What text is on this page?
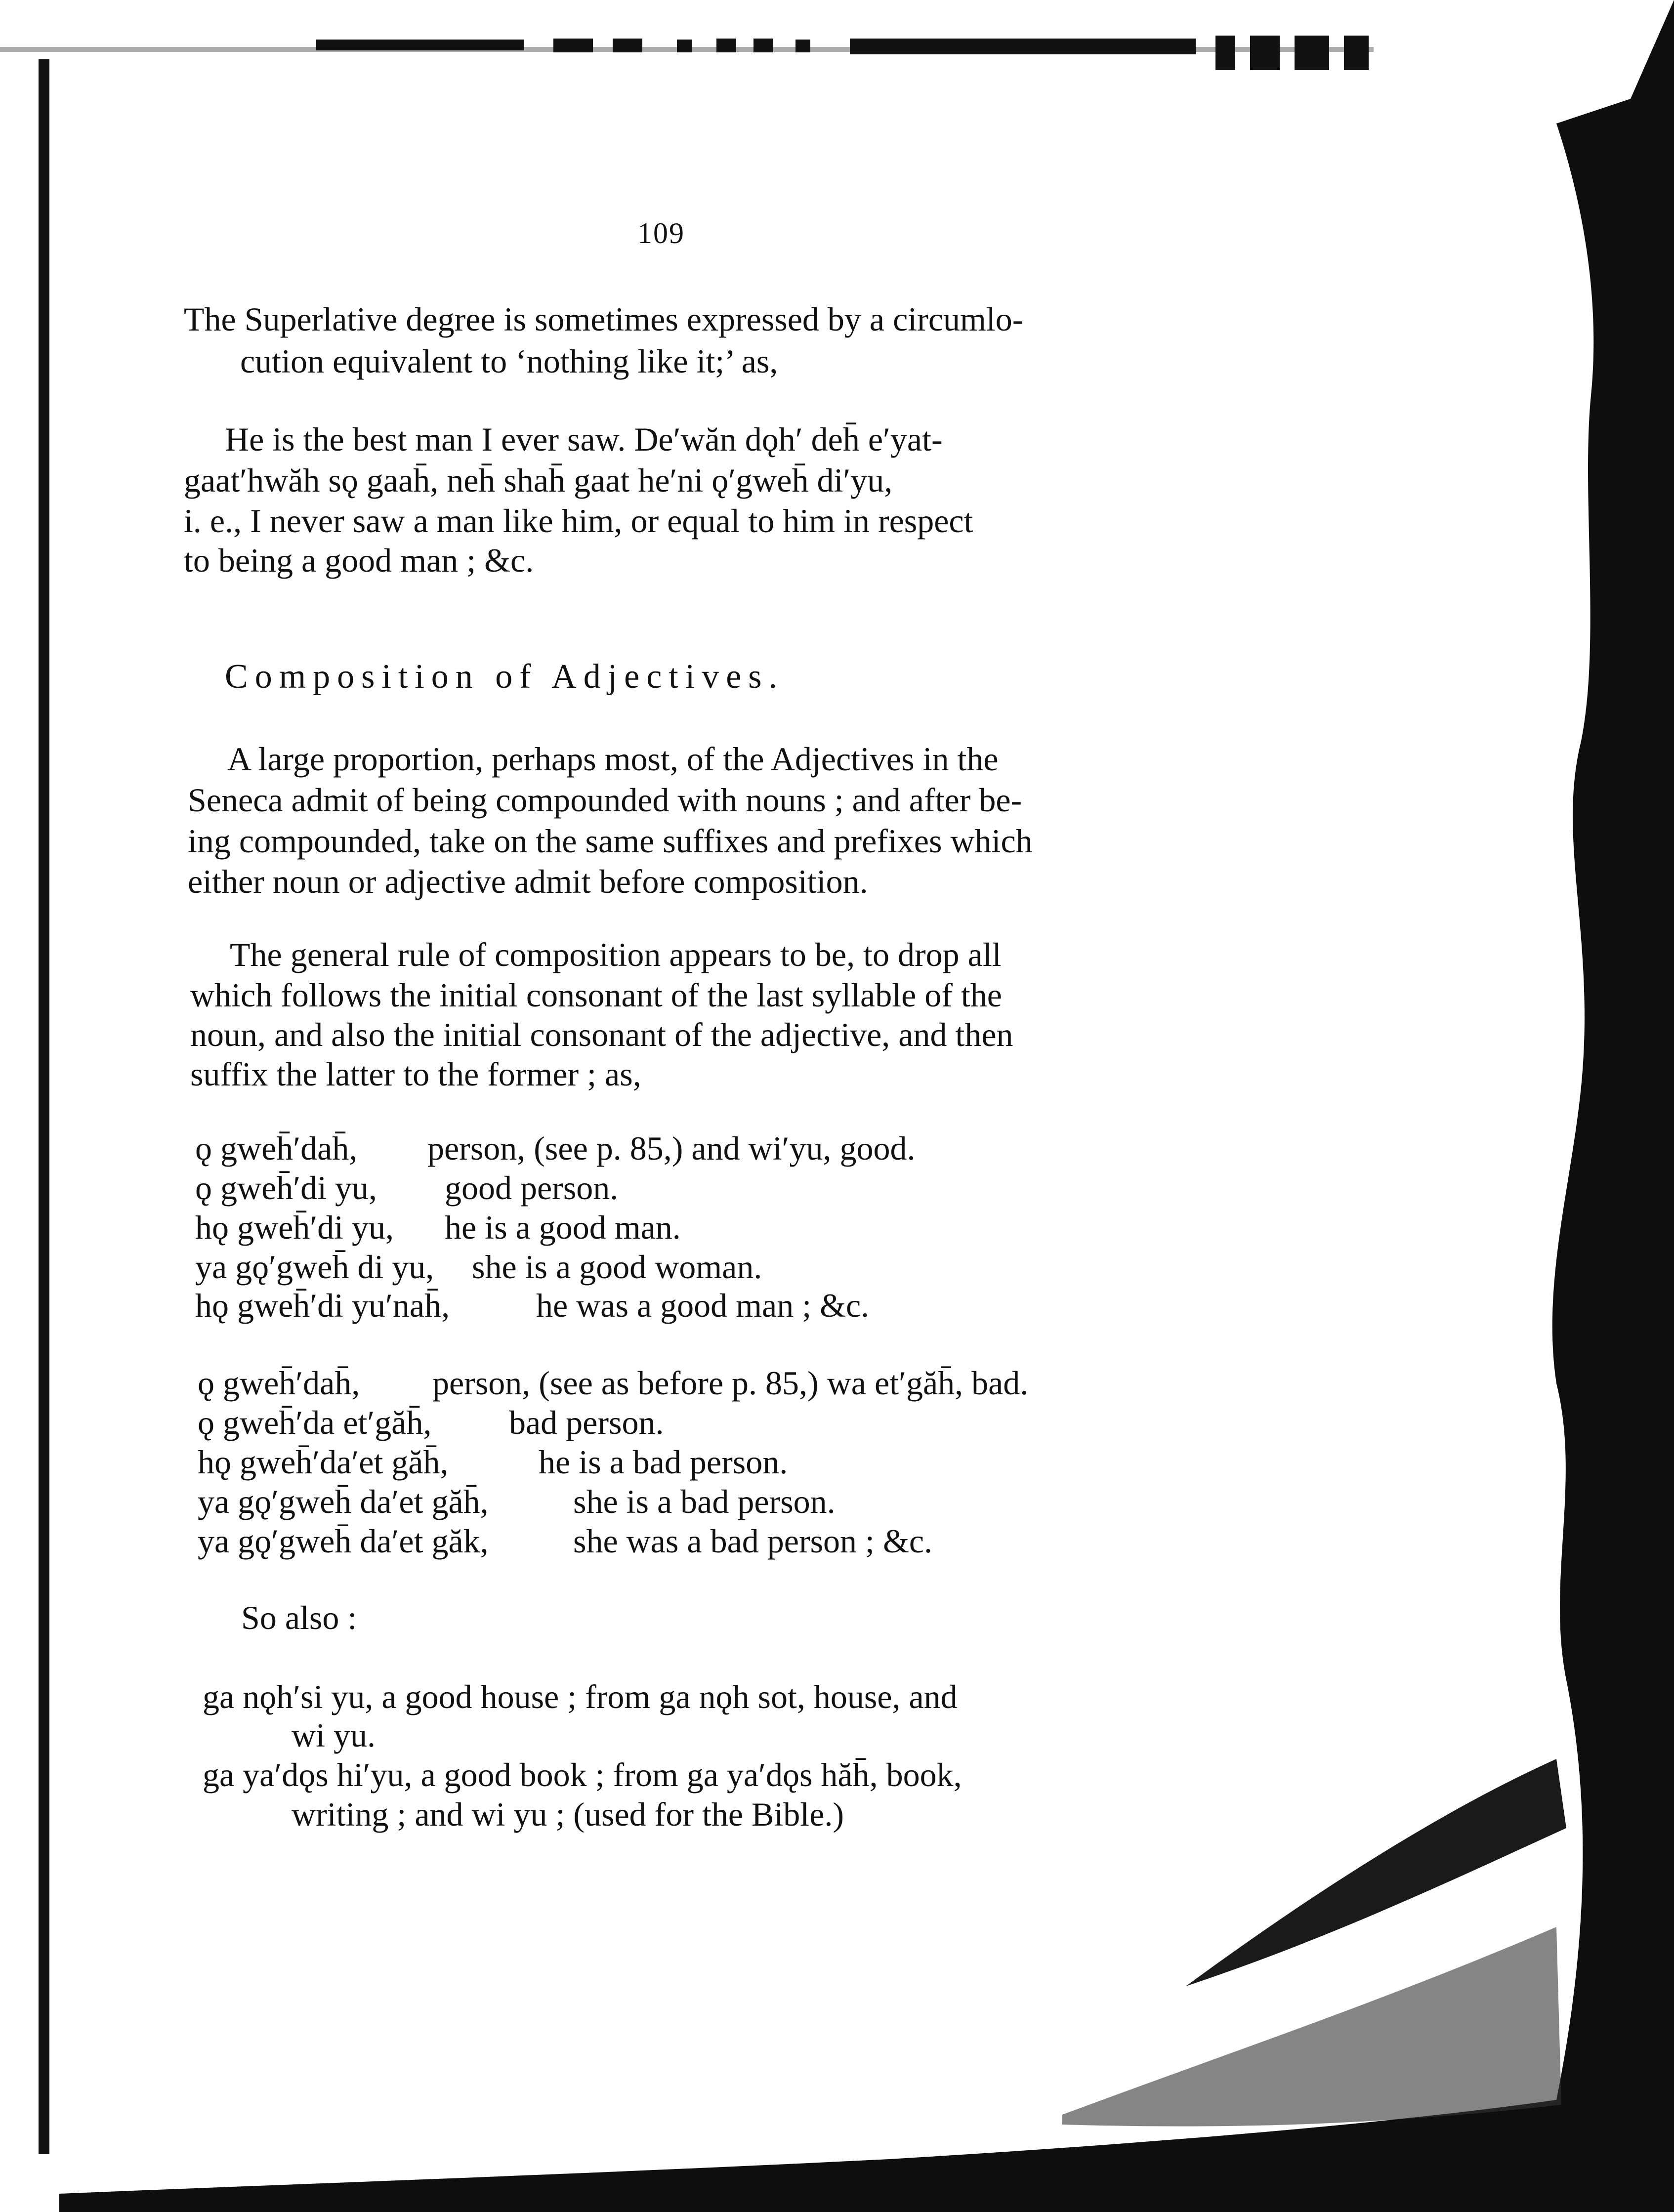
109
The Superlative degree is sometimes expressed by a circumlo-
cution equivalent to ‘nothing like it;’ as,
He is the best man I ever saw. De′wăn dǫh′ deh̄ e′yat-
gaat′hwăh sǫ gaah̄, neh̄ shah̄ gaat he′ni ǫ′gweh̄ di′yu,
i. e., I never saw a man like him, or equal to him in respect
to being a good man ; &c.
Composition of Adjectives.
A large proportion, perhaps most, of the Adjectives in the
Seneca admit of being compounded with nouns ; and after be-
ing compounded, take on the same suffixes and prefixes which
either noun or adjective admit before composition.
The general rule of composition appears to be, to drop all
which follows the initial consonant of the last syllable of the
noun, and also the initial consonant of the adjective, and then
suffix the latter to the former ; as,
ǫ gweh̄′dah̄, person, (see p. 85,) and wi′yu, good.
ǫ gweh̄′di yu, good person.
hǫ gweh̄′di yu, he is a good man.
ya gǫ′gweh̄ di yu, she is a good woman.
hǫ gweh̄′di yu′nah̄,	he was a good man ; &c.
ǫ gweh̄′dah̄, person, (see as before p. 85,) wa et′găh̄, bad.
ǫ gweh̄′da et′găh̄, bad person.
hǫ gweh̄′da′et găh̄,	he is a bad person.
ya gǫ′gweh̄ da′et găh̄,	she is a bad person.
ya gǫ′gweh̄ da′et găk,	she was a bad person ; &c.
So also :
ga nǫh′si yu, a good house ; from ga nǫh sot, house, and
wi yu.
ga ya′dǫs hi′yu, a good book ; from ga ya′dǫs hăh̄, book,
writing ; and wi yu ; (used for the Bible.)
